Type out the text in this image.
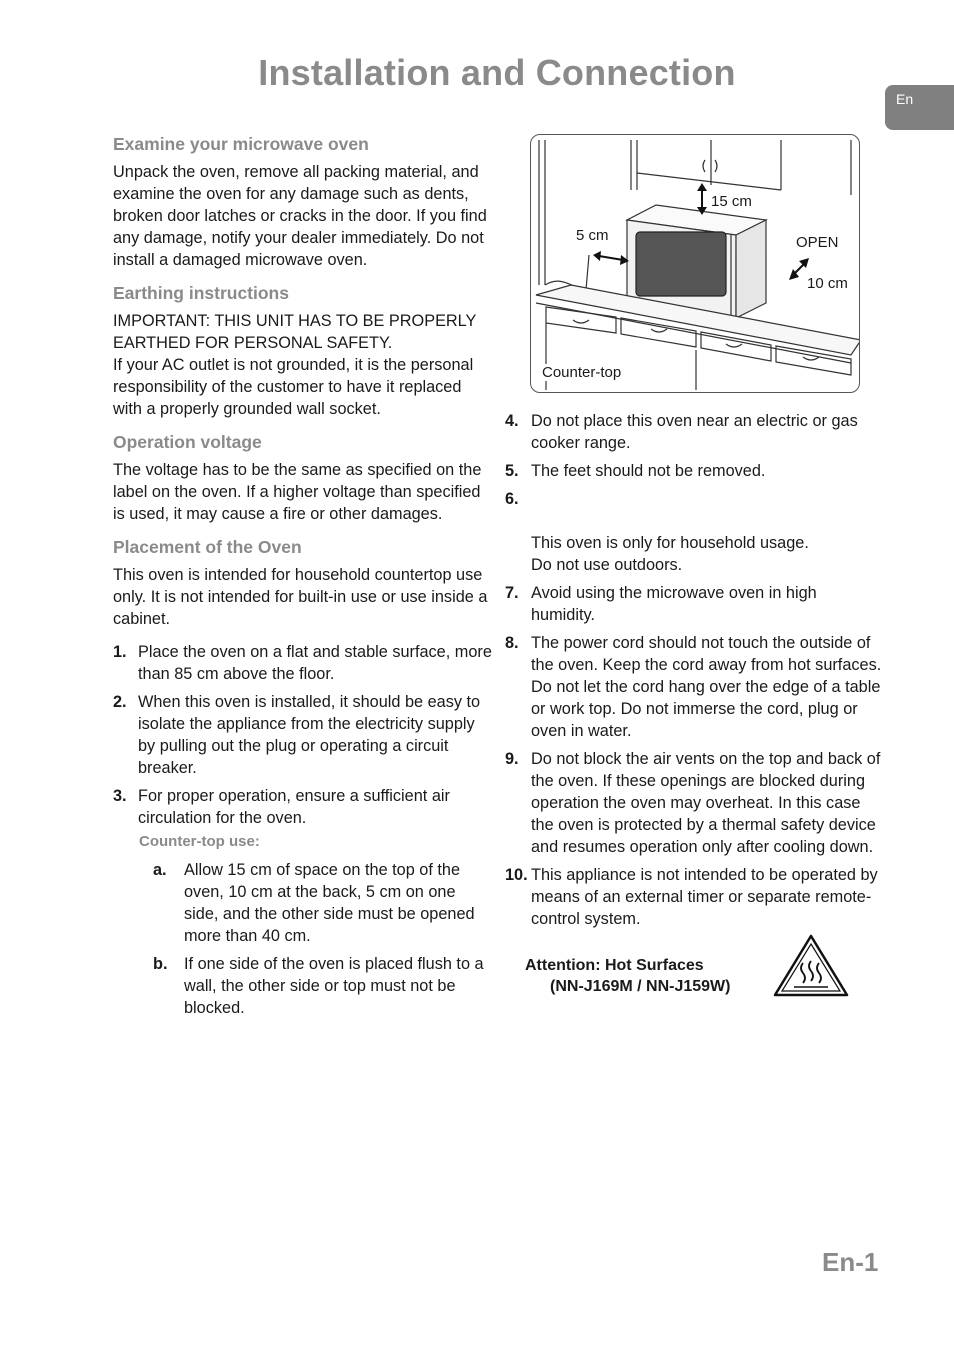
Installation and Connection
En
Examine your microwave oven

Unpack the oven, remove all packing material, and examine the oven for any damage such as dents, broken door latches or cracks in the door. If you find any damage, notify your dealer immediately. Do not install a damaged microwave oven.

Earthing instructions

IMPORTANT: THIS UNIT HAS TO BE PROPERLY EARTHED FOR PERSONAL SAFETY.

If your AC outlet is not grounded, it is the personal responsibility of the customer to have it replaced with a properly grounded wall socket.

Operation voltage

The voltage has to be the same as specified on the label on the oven. If a higher voltage than specified is used, it may cause a fire or other damages.

Placement of the Oven

This oven is intended for household countertop use only. It is not intended for built-in use or use inside a cabinet.

1. Place the oven on a flat and stable surface, more than 85 cm above the floor.
2. When this oven is installed, it should be easy to isolate the appliance from the electricity supply by pulling out the plug or operating a circuit breaker.
3. For proper operation, ensure a sufficient air circulation for the oven.
Counter-top use:
a. Allow 15 cm of space on the top of the oven, 10 cm at the back, 5 cm on one side, and the other side must be opened more than 40 cm.
b. If one side of the oven is placed flush to a wall, the other side or top must not be blocked.
15 cm
5 cm	OPEN
10 cm
Counter-top
4. Do not place this oven near an electric or gas cooker range.
5. The feet should not be removed.

6.

This oven is only for household usage.
Do not use outdoors.

7. Avoid using the microwave oven in high humidity.
8. The power cord should not touch the outside of the oven. Keep the cord away from hot surfaces. Do not let the cord hang over the edge of a table or work top. Do not immerse the cord, plug or oven in water.
9. Do not block the air vents on the top and back of the oven. If these openings are blocked during operation the oven may overheat. In this case the oven is protected by a thermal safety device and resumes operation only after cooling down.
10. This appliance is not intended to be operated by means of an external timer or separate remote-control system.
Attention: Hot Surfaces
(NN-J169M / NN-J159W)
En-1
